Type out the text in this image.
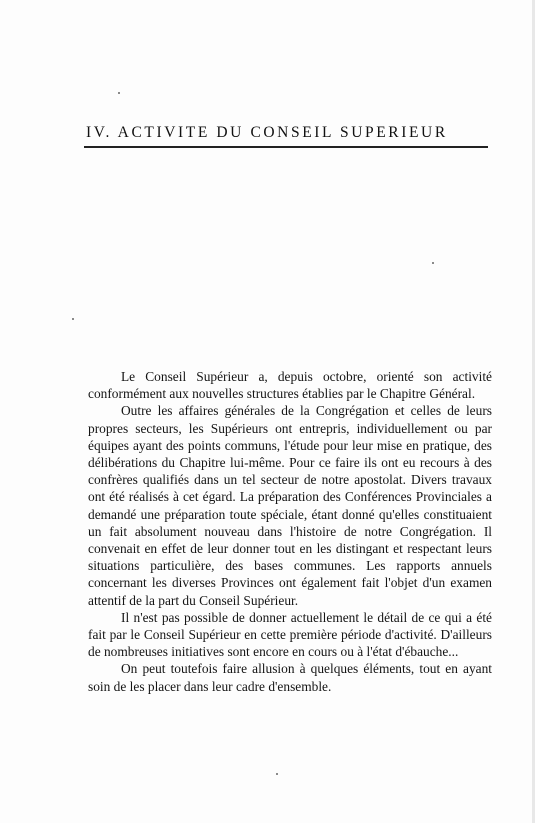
IV. ACTIVITE DU CONSEIL SUPERIEUR

Le Conseil Supérieur a, depuis octobre, orienté son activité conformément aux nouvelles structures établies par le Chapitre Général.

Outre les affaires générales de la Congrégation et celles de leurs propres secteurs, les Supérieurs ont entrepris, individuellement ou par équipes ayant des points communs, l'étude pour leur mise en pratique, des délibérations du Chapitre lui-même. Pour ce faire ils ont eu recours à des confrères qualifiés dans un tel secteur de notre apostolat. Divers travaux ont été réalisés à cet égard. La préparation des Conférences Provinciales a demandé une préparation toute spéciale, étant donné qu'elles constituaient un fait absolument nouveau dans l'histoire de notre Congrégation. Il convenait en effet de leur donner tout en les distingant et respectant leurs situations particulière, des bases communes. Les rapports annuels concernant les diverses Provinces ont également fait l'objet d'un examen attentif de la part du Conseil Supérieur.

Il n'est pas possible de donner actuellement le détail de ce qui a été fait par le Conseil Supérieur en cette première période d'activité. D'ailleurs de nombreuses initiatives sont encore en cours ou à l'état d'ébauche...

On peut toutefois faire allusion à quelques éléments, tout en ayant soin de les placer dans leur cadre d'ensemble.
